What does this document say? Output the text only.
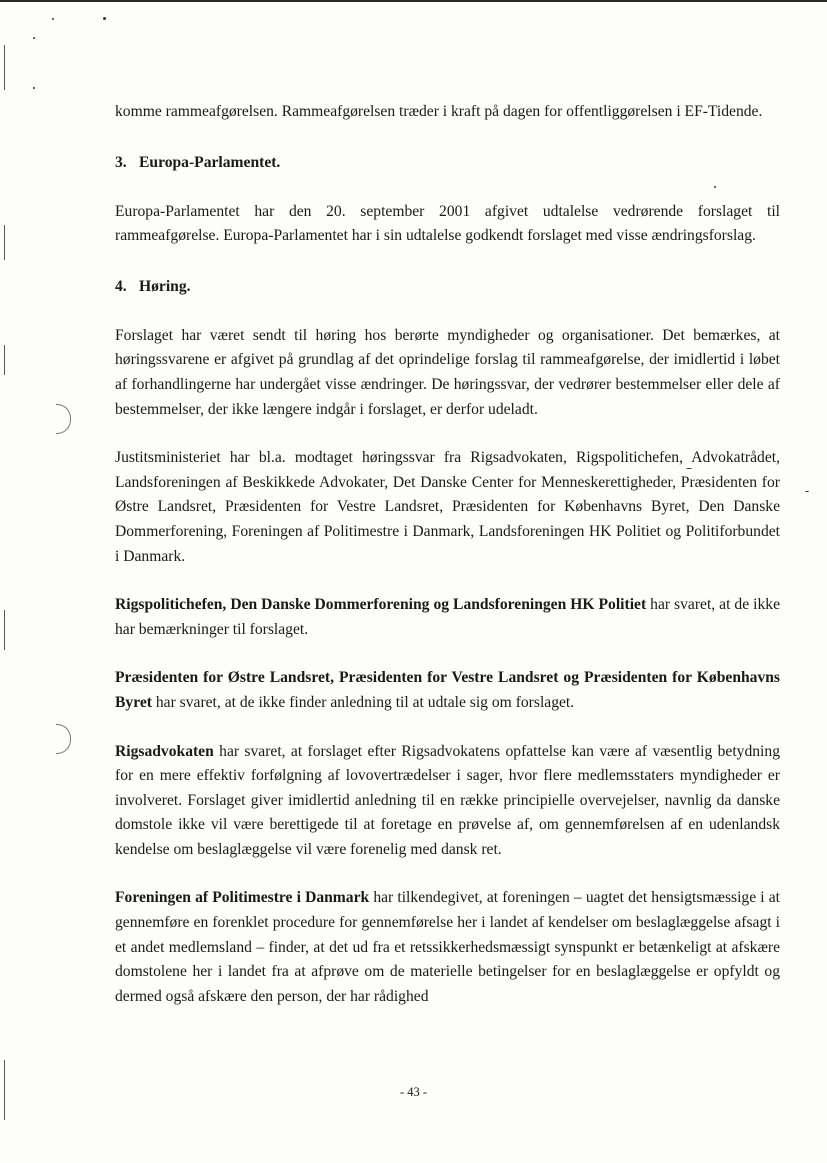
komme rammeafgørelsen. Rammeafgørelsen træder i kraft på dagen for offentliggørelsen i EF-Tidende.

3. Europa-Parlamentet.

Europa-Parlamentet har den 20. september 2001 afgivet udtalelse vedrørende forslaget til rammeafgørelse. Europa-Parlamentet har i sin udtalelse godkendt forslaget med visse ændringsforslag.

4. Høring.

Forslaget har været sendt til høring hos berørte myndigheder og organisationer. Det bemærkes, at høringssvarene er afgivet på grundlag af det oprindelige forslag til rammeafgørelse, der imidlertid i løbet af forhandlingerne har undergået visse ændringer. De høringssvar, der vedrører bestemmelser eller dele af bestemmelser, der ikke længere indgår i forslaget, er derfor udeladt.

Justitsministeriet har bl.a. modtaget høringssvar fra Rigsadvokaten, Rigspolitichefen, Advokatrådet, Landsforeningen af Beskikkede Advokater, Det Danske Center for Menneskerettigheder, Præsidenten for Østre Landsret, Præsidenten for Vestre Landsret, Præsidenten for Københavns Byret, Den Danske Dommerforening, Foreningen af Politimestre i Danmark, Landsforeningen HK Politiet og Politiforbundet i Danmark.

Rigspolitichefen, Den Danske Dommerforening og Landsforeningen HK Politiet har svaret, at de ikke har bemærkninger til forslaget.

Præsidenten for Østre Landsret, Præsidenten for Vestre Landsret og Præsidenten for Københavns Byret har svaret, at de ikke finder anledning til at udtale sig om forslaget.

Rigsadvokaten har svaret, at forslaget efter Rigsadvokatens opfattelse kan være af væsentlig betydning for en mere effektiv forfølgning af lovovertrædelser i sager, hvor flere medlemsstaters myndigheder er involveret. Forslaget giver imidlertid anledning til en række principielle overvejelser, navnlig da danske domstole ikke vil være berettigede til at foretage en prøvelse af, om gennemførelsen af en udenlandsk kendelse om beslaglæggelse vil være forenelig med dansk ret.

Foreningen af Politimestre i Danmark har tilkendegivet, at foreningen – uagtet det hensigtsmæssige i at gennemføre en forenklet procedure for gennemførelse her i landet af kendelser om beslaglæggelse afsagt i et andet medlemsland – finder, at det ud fra et retssikkerhedsmæssigt synspunkt er betænkeligt at afskære domstolene her i landet fra at afprøve om de materielle betingelser for en beslaglæggelse er opfyldt og dermed også afskære den person, der har rådighed

- 43 -
